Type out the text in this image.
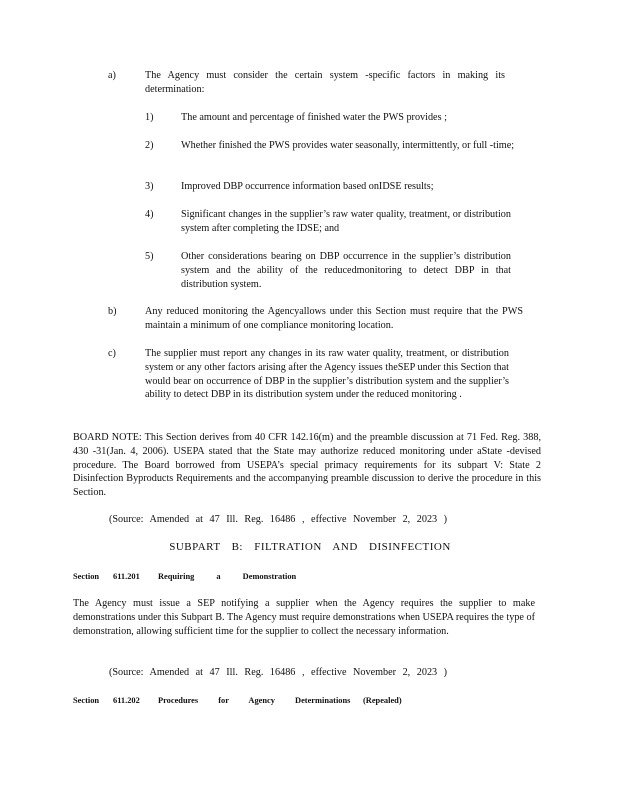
a)	The Agency must consider the certain system -specific factors in making its determination:
1)	The amount and percentage of finished water the PWS provides ;
2)	Whether finished the PWS provides water seasonally, intermittently, or full -time;
3)	Improved DBP occurrence information based onIDSE results;
4)	Significant changes in the supplier’s raw water quality, treatment, or distribution system after completing the IDSE; and
5)	Other considerations bearing on DBP occurrence in the supplier’s distribution system and the ability of the reducedmonitoring to detect DBP in that distribution system.
b)	Any reduced monitoring the Agencyallows under this Section must require that the PWS maintain a minimum of one compliance monitoring location.
c)	The supplier must report any changes in its raw water quality, treatment, or distribution system or any other factors arising after the Agency issues theSEP under this Section that would bear on occurrence of DBP in the supplier’s distribution system and the supplier’s ability to detect DBP in its distribution system under the reduced monitoring .
BOARD NOTE: This Section derives from 40 CFR 142.16(m) and the preamble discussion at 71 Fed. Reg. 388, 430 -31(Jan. 4, 2006). USEPA stated that the State may authorize reduced monitoring under aState -devised procedure. The Board borrowed from USEPA’s special primacy requirements for its subpart V: State 2 Disinfection Byproducts Requirements and the accompanying preamble discussion to derive the procedure in this Section.
(Source: Amended at 47 Ill. Reg. 16486 , effective November 2, 2023 )
SUBPART B: FILTRATION AND DISINFECTION
Section 611.201 Requiring a Demonstration
The Agency must issue a SEP notifying a supplier when the Agency requires the supplier to make demonstrations under this Subpart B. The Agency must require demonstrations when USEPA requires the type of demonstration, allowing sufficient time for the supplier to collect the necessary information.
(Source: Amended at 47 Ill. Reg. 16486 , effective November 2, 2023 )
Section 611.202 Procedures for Agency Determinations (Repealed)
